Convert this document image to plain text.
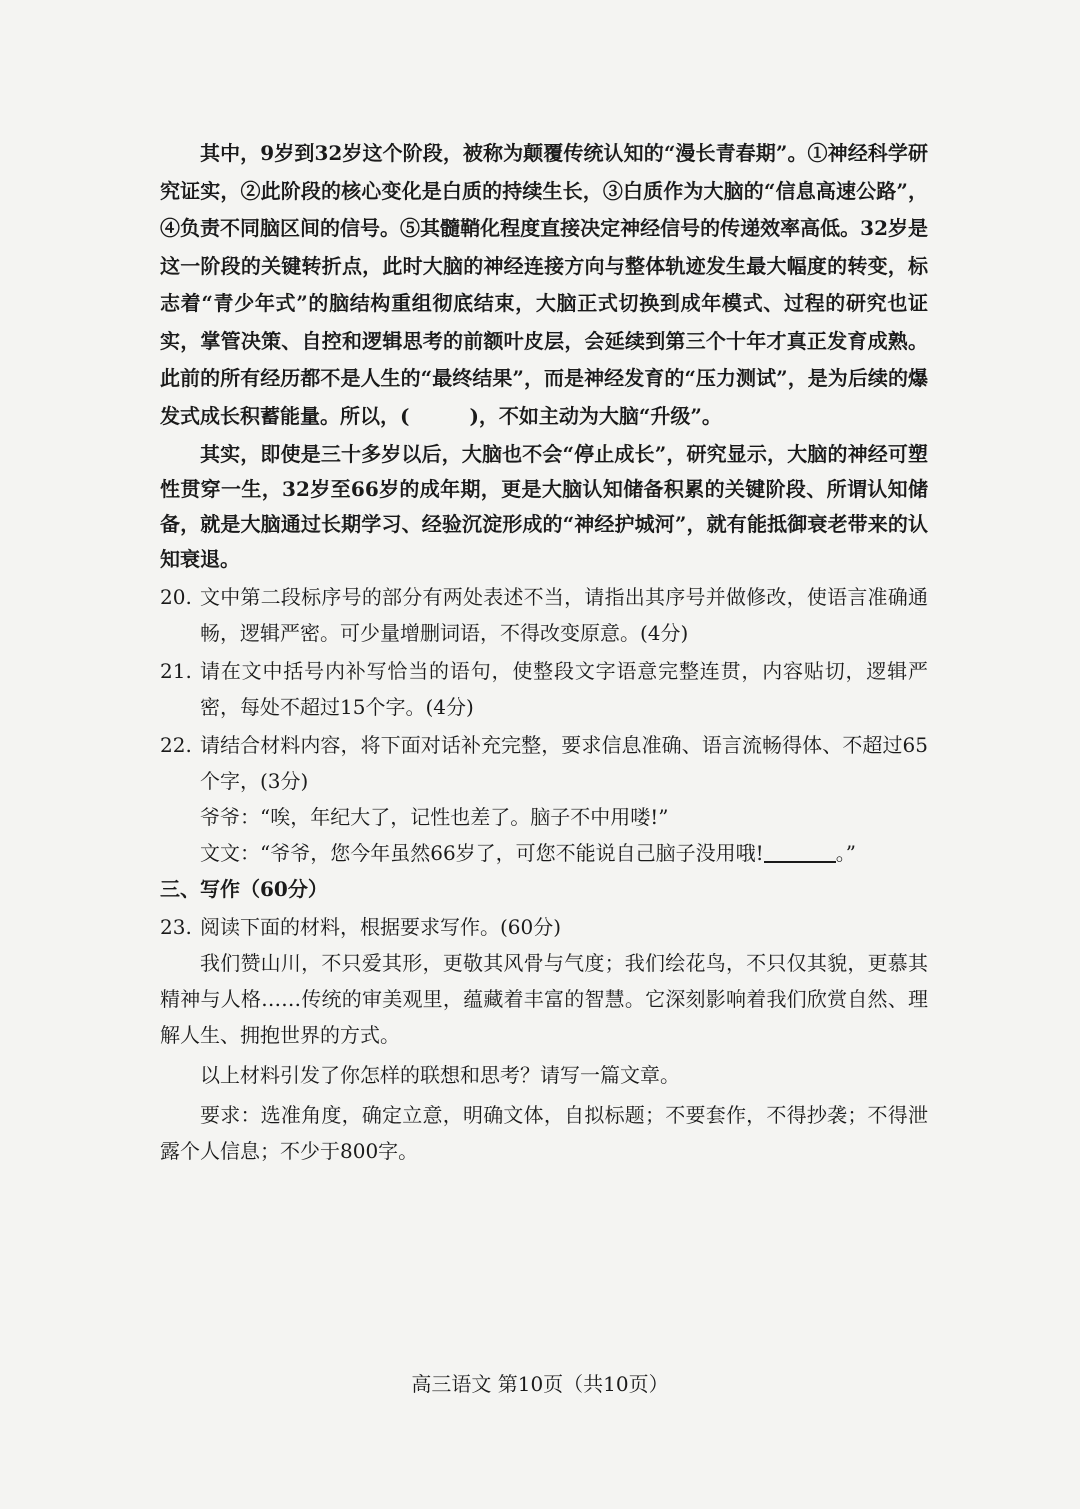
其中，9岁到32岁这个阶段，被称为颠覆传统认知的“漫长青春期”。①神经科学研究证实，②此阶段的核心变化是白质的持续生长，③白质作为大脑的“信息高速公路”，④负责不同脑区间的信号。⑤其髓鞘化程度直接决定神经信号的传递效率高低。32岁是这一阶段的关键转折点，此时大脑的神经连接方向与整体轨迹发生最大幅度的转变，标志着“青少年式”的脑结构重组彻底结束，大脑正式切换到成年模式、过程的研究也证实，掌管决策、自控和逻辑思考的前额叶皮层，会延续到第三个十年才真正发育成熟。此前的所有经历都不是人生的“最终结果”，而是神经发育的“压力测试”，是为后续的爆发式成长积蓄能量。所以，(　　　)，不如主动为大脑“升级”。

其实，即使是三十多岁以后，大脑也不会“停止成长”，研究显示，大脑的神经可塑性贯穿一生，32岁至66岁的成年期，更是大脑认知储备积累的关键阶段、所谓认知储备，就是大脑通过长期学习、经验沉淀形成的“神经护城河”，就有能抵御衰老带来的认知衰退。

20. 文中第二段标序号的部分有两处表述不当，请指出其序号并做修改，使语言准确通畅，逻辑严密。可少量增删词语，不得改变原意。(4分)
21. 请在文中括号内补写恰当的语句，使整段文字语意完整连贯，内容贴切，逻辑严密，每处不超过15个字。(4分)
22. 请结合材料内容，将下面对话补充完整，要求信息准确、语言流畅得体、不超过65个字，(3分)
爷爷：“唉，年纪大了，记性也差了。脑子不中用喽!”
文文：“爷爷，您今年虽然66岁了，可您不能说自己脑子没用哦!	。”

三、写作（60分）

23. 阅读下面的材料，根据要求写作。(60分)

我们赞山川，不只爱其形，更敬其风骨与气度；我们绘花鸟，不只仅其貌，更慕其精神与人格……传统的审美观里，蕴藏着丰富的智慧。它深刻影响着我们欣赏自然、理解人生、拥抱世界的方式。

以上材料引发了你怎样的联想和思考？请写一篇文章。

要求：选准角度，确定立意，明确文体，自拟标题；不要套作，不得抄袭；不得泄露个人信息；不少于800字。

高三语文 第10页（共10页）
